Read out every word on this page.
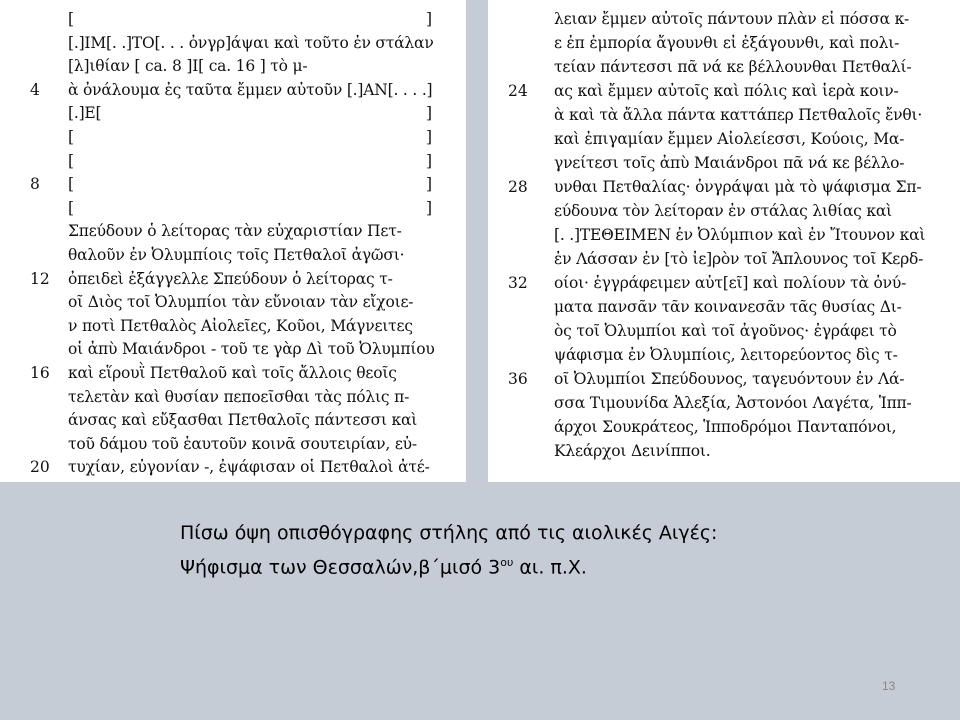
[	]
[.]ΙΜ[. .]ΤΟ[. . . ὀνγρ]άψαι καὶ τοῦτο ἐν στάλαν
[λ]ιθίαν [ ca. 8 ]Ι[ ca. 16 ] τὸ μ-
4 ὰ ὀνάλουμα ἐς ταῦτα ἔμμεν αὐτοῦν [.]ΑΝ[. . . .]
[.]Ε[	]
[	]
[	]
8 [	]
[	]
Σπεύδουν ὁ λείτορας τὰν εὐχαριστίαν Πετ-
θαλοῦν ἐν Ὀλυμπίοις τοῖς Πετθαλοῖ ἀγῶσι·
12 ὀπειδεὶ ἐξάγγελλε Σπεύδουν ὁ λείτορας τ-
οῖ Διὸς τοῖ Ὀλυμπίοι τὰν εὔνοιαν τὰν εἴχοιε-
ν ποτὶ Πετθαλὸς Αἰολεῖες, Κοῦοι, Μάγνειτες
οἱ ἀπὺ Μαιάνδροι - τοῦ τε γὰρ Δὶ τοῦ Ὀλυμπίου
16 καὶ εἵρουῒ Πετθαλοῦ καὶ τοῖς ἄλλοις θεοῖς
τελετὰν καὶ θυσίαν πεποεῖσθαι τὰς πόλις π-
άνσας καὶ εὔξασθαι Πετθαλοῖς πάντεσσι καὶ
τοῦ δάμου τοῦ ἑαυτοῦν κοινᾶ σουτειρίαν, εὐ-
20 τυχίαν, εὐγονίαν -, ἐψάφισαν οἱ Πετθαλοὶ ἀτέ-
λειαν ἔμμεν αὐτοῖς πάντουν πλὰν εἰ πόσσα κ-
ε ἐπ ἐμπορία ἄγουνθι εἰ ἐξάγουνθι, καὶ πολι-
τείαν πάντεσσι πᾶ νά κε βέλλουνθαι Πετθαλί-
24 ας καὶ ἔμμεν αὐτοῖς καὶ πόλις καὶ ἱερὰ κοιν-
ὰ καὶ τὰ ἄλλα πάντα καττάπερ Πετθαλοῖς ἔνθι·
καὶ ἐπιγαμίαν ἔμμεν Αἰολείεσσι, Κούοις, Μα-
γνείτεσι τοῖς ἀπὺ Μαιάνδροι πᾶ νά κε βέλλο-
28 υνθαι Πετθαλίας· ὀνγράψαι μὰ τὸ ψάφισμα Σπ-
εύδουνα τὸν λείτοραν ἐν στάλας λιθίας καὶ
[. .]ΤΕΘΕΙΜΕΝ ἐν Ὀλύμπιον καὶ ἐν Ἴτουνον καὶ
ἐν Λάσσαν ἐν [τὸ ἰε]ρὸν τοῖ Ἄπλουνος τοῖ Κερδ-
32 οίοι· ἐγγράφειμεν αὐτ[εῖ] καὶ πολίουν τὰ ὀνύ-
ματα πανσᾶν τᾶν κοινανεσᾶν τᾶς θυσίας Δι-
ὸς τοῖ Ὀλυμπίοι καὶ τοῖ ἀγοῦνος· ἐγράφει τὸ
ψάφισμα ἐν Ὀλυμπίοις, λειτορεύοντος δὶς τ-
36 οῖ Ὀλυμπίοι Σπεύδουνος, ταγευόντουν ἐν Λά-
σσα Τιμουνίδα Ἀλεξία, Ἀστονόοι Λαγέτα, Ἱππ-
άρχοι Σουκράτεος, Ἱπποδρόμοι Πανταπόνοι,
Κλεάρχοι Δεινίπποι.
Πίσω όψη οπισθόγραφης στήλης από τις αιολικές Αιγές:
Ψήφισμα των Θεσσαλών,β΄μισό $3^{o\upsilon}$ αι. π.Χ.
13
